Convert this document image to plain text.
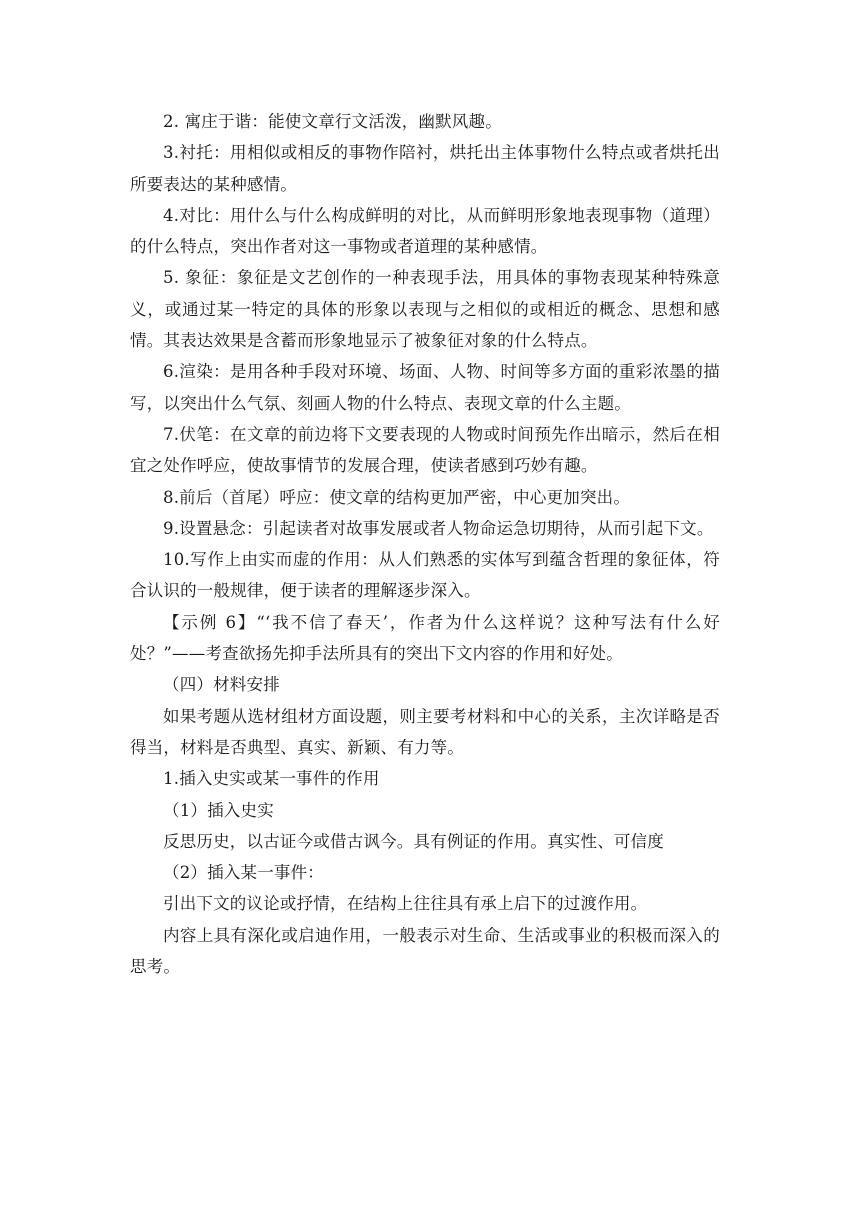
2. 寓庄于谐：能使文章行文活泼，幽默风趣。

3.衬托：用相似或相反的事物作陪衬，烘托出主体事物什么特点或者烘托出所要表达的某种感情。

4.对比：用什么与什么构成鲜明的对比，从而鲜明形象地表现事物（道理）的什么特点，突出作者对这一事物或者道理的某种感情。

5. 象征：象征是文艺创作的一种表现手法，用具体的事物表现某种特殊意义，或通过某一特定的具体的形象以表现与之相似的或相近的概念、思想和感情。其表达效果是含蓄而形象地显示了被象征对象的什么特点。

6.渲染：是用各种手段对环境、场面、人物、时间等多方面的重彩浓墨的描写，以突出什么气氛、刻画人物的什么特点、表现文章的什么主题。

7.伏笔：在文章的前边将下文要表现的人物或时间预先作出暗示，然后在相宜之处作呼应，使故事情节的发展合理，使读者感到巧妙有趣。

8.前后（首尾）呼应：使文章的结构更加严密，中心更加突出。

9.设置悬念：引起读者对故事发展或者人物命运急切期待，从而引起下文。

10.写作上由实而虚的作用：从人们熟悉的实体写到蕴含哲理的象征体，符合认识的一般规律，便于读者的理解逐步深入。

【示例 6】“‘我不信了春天’，作者为什么这样说？这种写法有什么好处？”——考查欲扬先抑手法所具有的突出下文内容的作用和好处。

（四）材料安排

如果考题从选材组材方面设题，则主要考材料和中心的关系，主次详略是否得当，材料是否典型、真实、新颖、有力等。

1.插入史实或某一事件的作用

（1）插入史实

反思历史，以古证今或借古讽今。具有例证的作用。真实性、可信度

（2）插入某一事件：

引出下文的议论或抒情，在结构上往往具有承上启下的过渡作用。

内容上具有深化或启迪作用，一般表示对生命、生活或事业的积极而深入的思考。
